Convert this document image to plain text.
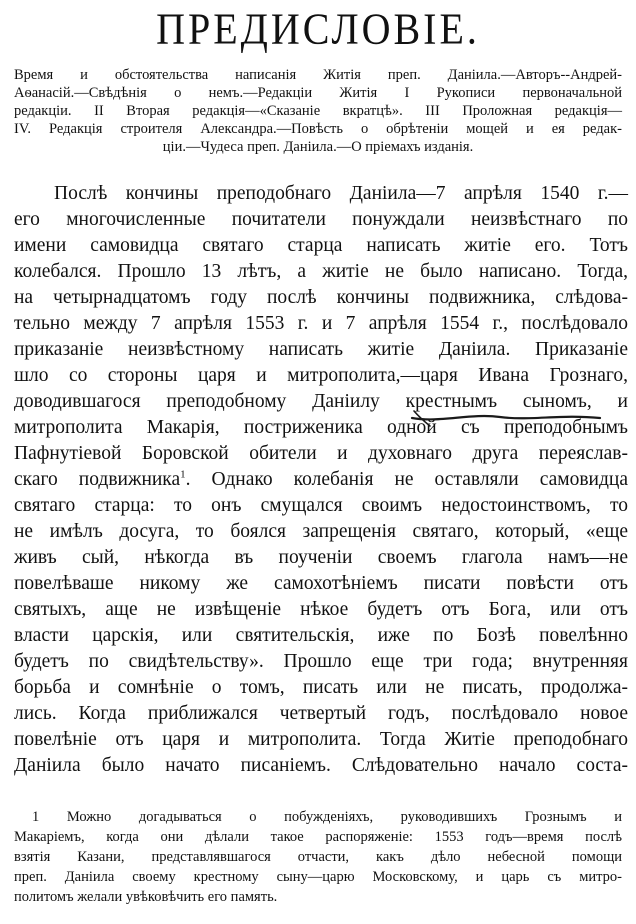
ПРЕДИСЛОВІЕ.
Время и обстоятельства написанія Житія преп. Даніила.—Авторъ--Андрей-
Аѳанасій.—Свѣдѣнія о немъ.—Редакціи Житія I Рукописи первоначальной
редакціи. II Вторая редакція—«Сказаніе вкратцѣ». III Проложная редакція—
IV. Редакція строителя Александра.—Повѣсть о обрѣтеніи мощей и ея редак-
ціи.—Чудеса преп. Даніила.—О пріемахъ изданія.
Послѣ кончины преподобнаго Даніила—7 апрѣля 1540 г.—
его многочисленные почитатели понуждали неизвѣстнаго по
имени самовидца святаго старца написать житіе его. Тотъ
колебался. Прошло 13 лѣтъ, а житіе не было написано. Тогда,
на четырнадцатомъ году послѣ кончины подвижника, слѣдова-
тельно между 7 апрѣля 1553 г. и 7 апрѣля 1554 г., послѣдовало
приказаніе неизвѣстному написать житіе Даніила. Приказаніе
шло со стороны царя и митрополита,—царя Ивана Грознаго,
доводившагося преподобному Даніилу крестнымъ сыномъ, и
митрополита Макарія, постриженика одной съ преподобнымъ
Пафнутіевой Боровской обители и духовнаго друга переяслав-
скаго подвижника$^1$. Однако колебанія не оставляли самовидца
святаго старца: то онъ смущался своимъ недостоинствомъ, то
не имѣлъ досуга, то боялся запрещенія святаго, который, «еще
живъ сый, нѣкогда въ поученіи своемъ глагола намъ—не
повелѣваше никому же самохотѣніемъ писати повѣсти отъ
святыхъ, аще не извѣщеніе нѣкое будетъ отъ Бога, или отъ
власти царскія, или святительскія, иже по Бозѣ повелѣнно
будетъ по свидѣтельству». Прошло еще три года; внутренняя
борьба и сомнѣніе о томъ, писать или не писать, продолжа-
лись. Когда приближался четвертый годъ, послѣдовало новое
повелѣніе отъ царя и митрополита. Тогда Житіе преподобнаго
Даніила было начато писаніемъ. Слѣдовательно начало соста-
1 Можно догадываться о побужденіяхъ, руководившихъ Грознымъ и
Макаріемъ, когда они дѣлали такое распоряженіе: 1553 годъ—время послѣ
взятія Казани, представлявшагося отчасти, какъ дѣло небесной помощи
преп. Даніила своему крестному сыну—царю Московскому, и царь съ митро-
политомъ желали увѣковѣчить его память.
